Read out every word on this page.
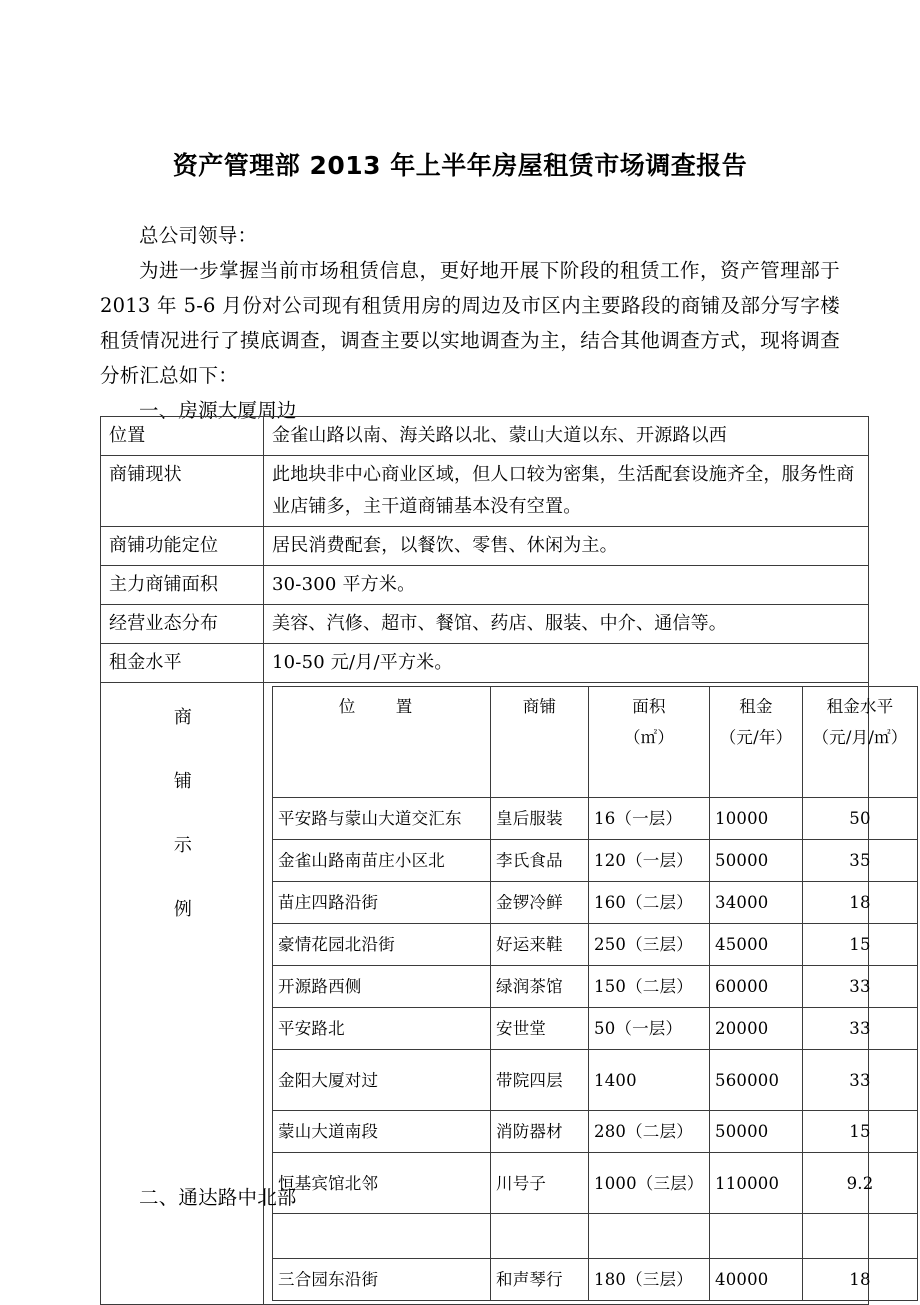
资产管理部 2013 年上半年房屋租赁市场调查报告

总公司领导：

为进一步掌握当前市场租赁信息，更好地开展下阶段的租赁工作，资产管理部于 2013 年 5-6 月份对公司现有租赁用房的周边及市区内主要路段的商铺及部分写字楼租赁情况进行了摸底调查，调查主要以实地调查为主，结合其他调查方式，现将调查分析汇总如下：

一、房源大厦周边

位置	金雀山路以南、海关路以北、蒙山大道以东、开源路以西
商铺现状	此地块非中心商业区域，但人口较为密集，生活配套设施齐全，服务性商业店铺多，主干道商铺基本没有空置。
商铺功能定位	居民消费配套，以餐饮、零售、休闲为主。
主力商铺面积	30-300 平方米。
经营业态分布	美容、汽修、超市、餐馆、药店、服装、中介、通信等。
租金水平	10-50 元/月/平方米。

商
铺
示
例

位　置	商铺	面积
（㎡）
	租金
（元/年）
	租金水平
（元/月/㎡）

平安路与蒙山大道交汇东	皇后服装	16（一层）	10000	50
金雀山路南苗庄小区北	李氏食品	120（一层）	50000	35
苗庄四路沿街	金锣冷鲜	160（二层）	34000	18
豪情花园北沿街	好运来鞋	250（三层）	45000	15
开源路西侧	绿润茶馆	150（二层）	60000	33
平安路北	安世堂	50（一层）	20000	33
金阳大厦对过	带院四层	1400	560000	33
蒙山大道南段	消防器材	280（二层）	50000	15
恒基宾馆北邻	川号子	1000（三层）	110000	9.2

三合园东沿街	和声琴行	180（三层）	40000	18
二、通达路中北部
